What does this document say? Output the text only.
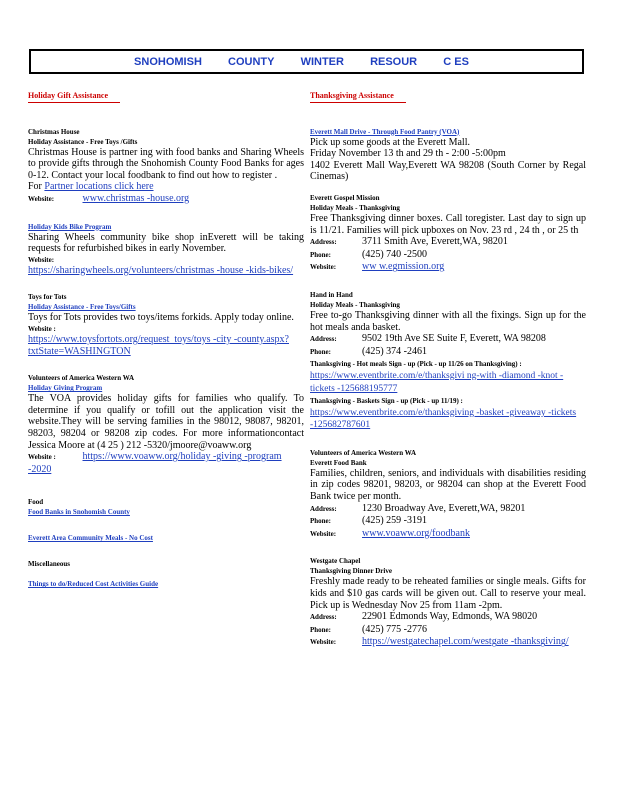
SNOHOMISH COUNTY WINTER RESOUR C ES
Holiday Gift Assistance
Christmas House
Holiday Assistance - Free Toys /Gifts
Christmas House is partner ing with food banks and Sharing Wheels to provide gifts through the Snohomish County Food Banks for ages 0-12. Contact your local foodbank to find out how to register .
For Partner locations click here
Website:	www.christmas -house.org
Holiday Kids Bike Program
Sharing Wheels community bike shop inEverett will be taking requests for refurbished bikes in early November.
Website:
https://sharingwheels.org/volunteers/christmas -house -kids-bikes/
Toys for Tots
Holiday Assistance - Free Toys/Gifts
Toys for Tots provides two toys/items forkids. Apply today online.
Website :
https://www.toysfortots.org/request_toys/toys -city -county.aspx?txtState=WASHINGTON
Volunteers of America Western WA
Holiday Giving Program
The VOA provides holiday gifts for families who qualify. To determine if you qualify or tofill out the application visit the website.They will be serving families in the 98012, 98087, 98201, 98203, 98204 or 98208 zip codes. For more informationcontact Jessica Moore at (4 25 ) 212 -5320/jmoore@voaww.org
Website :	https://www.voaww.org/holiday -giving -program -2020
Food
Food Banks in Snohomish County
Everett Area Community Meals - No Cost
Miscellaneous
Things to do/Reduced Cost Activities Guide
Thanksgiving Assistance
Everett Mall Drive - Through Food Pantry (VOA)
Pick up some goods at the Everett Mall.
Friday November 13 th and 29 th - 2:00 -5:00pm
1402 Everett Mall Way,Everett WA 98208 (South Corner by Regal Cinemas)
Everett Gospel Mission
Holiday Meals - Thanksgiving
Free Thanksgiving dinner boxes. Call toregister. Last day to sign up is 11/21. Families will pick upboxes on Nov. 23 rd , 24 th , or 25 th
Address:	3711 Smith Ave, Everett,WA, 98201
Phone:	(425) 740 -2500
Website:	ww w.egmission.org
Hand in Hand
Holiday Meals - Thanksgiving
Free to-go Thanksgiving dinner with all the fixings. Sign up for the hot meals anda basket.
Address:	9502 19th Ave SE Suite F, Everett, WA 98208
Phone:	(425) 374 -2461
Thanksgiving - Hot meals Sign - up (Pick - up 11/26 on Thanksgiving) : https://www.eventbrite.com/e/thanksgivi ng-with -diamond -knot -tickets -125688195777
Thanksgiving - Baskets Sign - up (Pick - up 11/19) : https://www.eventbrite.com/e/thanksgiving -basket -giveaway -tickets -125682787601
Volunteers of America Western WA
Everett Food Bank
Families, children, seniors, and individuals with disabilities residing in zip codes 98201, 98203, or 98204 can shop at the Everett Food Bank twice per month.
Address:	1230 Broadway Ave, Everett,WA, 98201
Phone:	(425) 259 -3191
Website:	www.voaww.org/foodbank
Westgate Chapel
Thanksgiving Dinner Drive
Freshly made ready to be reheated families or single meals. Gifts for kids and $10 gas cards will be given out. Call to reserve your meal. Pick up is Wednesday Nov 25 from 11am -2pm.
Address:	22901 Edmonds Way, Edmonds, WA 98020
Phone:	(425) 775 -2776
Website:	https://westgatechapel.com/westgate -thanksgiving/
